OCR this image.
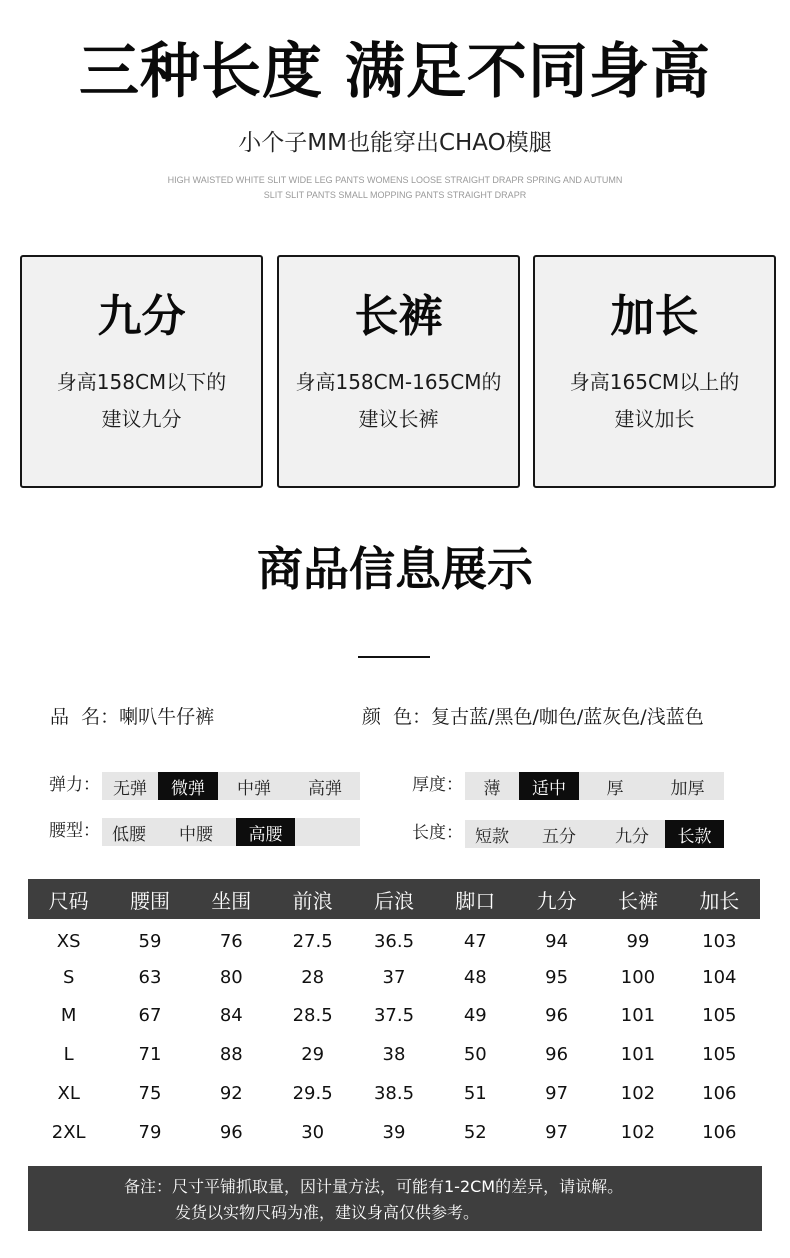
三种长度 满足不同身高
小个子MM也能穿出CHAO模腿
HIGH WAISTED WHITE SLIT WIDE LEG PANTS WOMENS LOOSE STRAIGHT DRAPR SPRING AND AUTUMN
SLIT SLIT PANTS SMALL MOPPING PANTS STRAIGHT DRAPR
九分
身高158CM以下的
建议九分
长裤
身高158CM-165CM的
建议长裤
加长
身高165CM以上的
建议加长
商品信息展示
品  名：喇叭牛仔裤	颜  色：复古蓝/黑色/咖色/蓝灰色/浅蓝色
弹力： 无弹	微弹	中弹	高弹	厚度：	薄	适中	厚	加厚
腰型： 低腰	中腰	高腰	长度： 短款	五分	九分	长款
尺码	腰围	坐围	前浪	后浪	脚口	九分	长裤	加长
XS	59	76	27.5	36.5	47	94	99	103
S	63	80	28	37	48	95	100	104
M	67	84	28.5	37.5	49	96	101	105
L	71	88	29	38	50	96	101	105
XL	75	92	29.5	38.5	51	97	102	106
2XL	79	96	30	39	52	97	102	106
备注：尺寸平铺抓取量，因计量方法，可能有1-2CM的差异，请谅解。
发货以实物尺码为准，建议身高仅供参考。
